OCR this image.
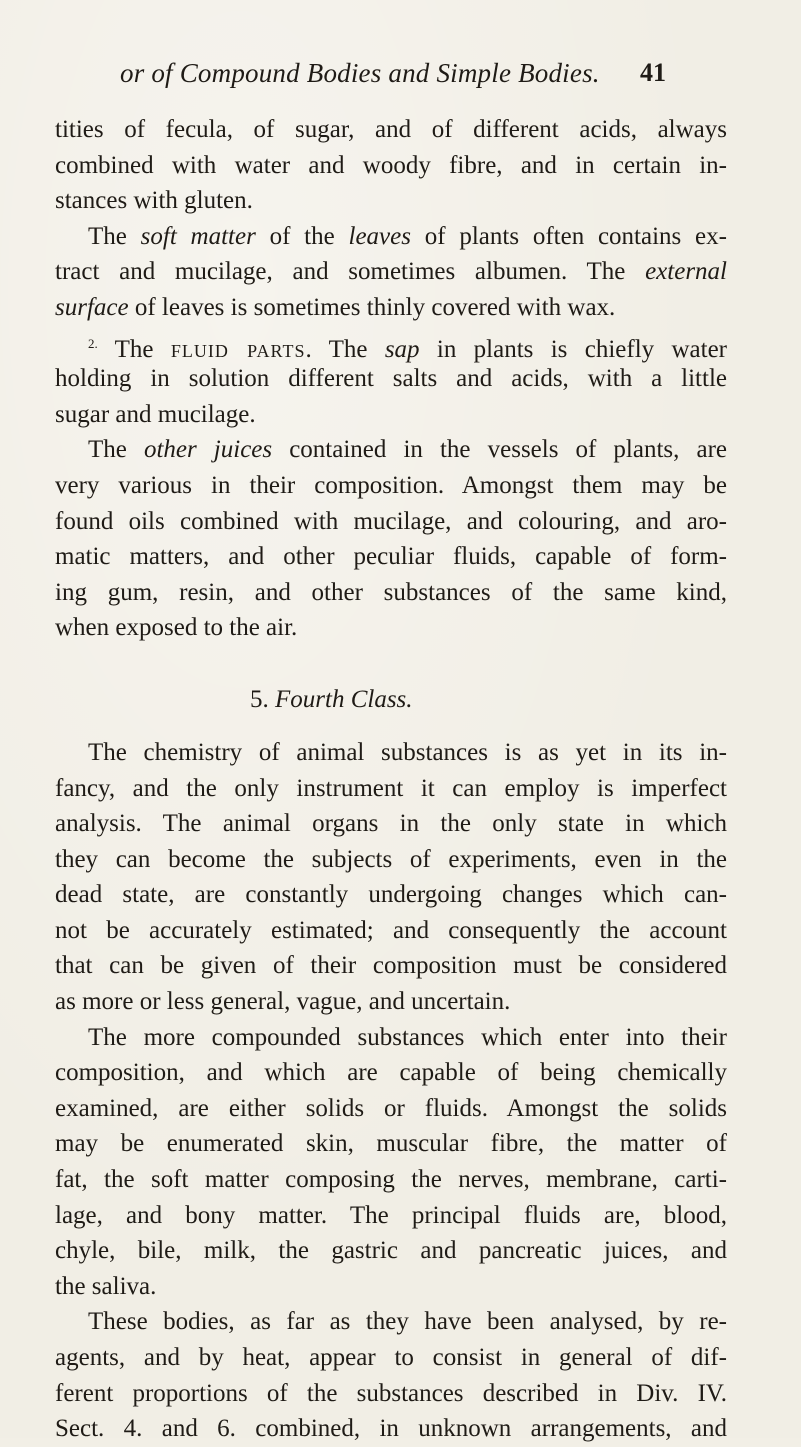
or of Compound Bodies and Simple Bodies.	41
tities of fecula, of sugar, and of different acids, always
combined with water and woody fibre, and in certain in-
stances with gluten.
The soft matter of the leaves of plants often contains ex-
tract and mucilage, and sometimes albumen. The external
surface of leaves is sometimes thinly covered with wax.
$^{2.}$ The fluid parts. The sap in plants is chiefly water
holding in solution different salts and acids, with a little
sugar and mucilage.
The other juices contained in the vessels of plants, are
very various in their composition. Amongst them may be
found oils combined with mucilage, and colouring, and aro-
matic matters, and other peculiar fluids, capable of form-
ing gum, resin, and other substances of the same kind,
when exposed to the air.
5. Fourth Class.
The chemistry of animal substances is as yet in its in-
fancy, and the only instrument it can employ is imperfect
analysis. The animal organs in the only state in which
they can become the subjects of experiments, even in the
dead state, are constantly undergoing changes which can-
not be accurately estimated; and consequently the account
that can be given of their composition must be considered
as more or less general, vague, and uncertain.
The more compounded substances which enter into their
composition, and which are capable of being chemically
examined, are either solids or fluids. Amongst the solids
may be enumerated skin, muscular fibre, the matter of
fat, the soft matter composing the nerves, membrane, carti-
lage, and bony matter. The principal fluids are, blood,
chyle, bile, milk, the gastric and pancreatic juices, and
the saliva.
These bodies, as far as they have been analysed, by re-
agents, and by heat, appear to consist in general of dif-
ferent proportions of the substances described in Div. IV.
Sect. 4. and 6. combined, in unknown arrangements, and
